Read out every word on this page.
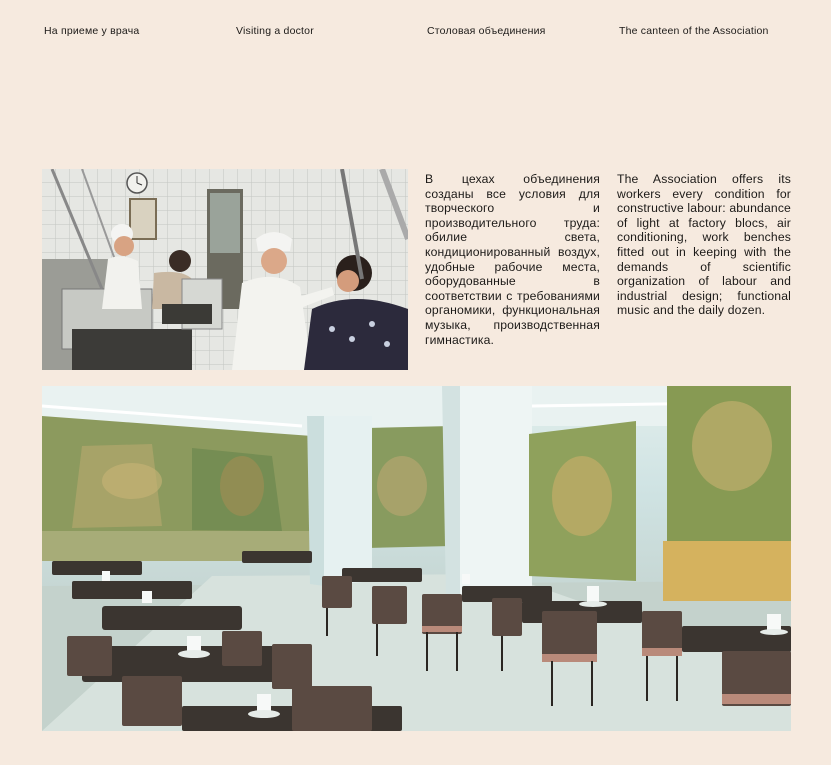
На приеме у врача	Visiting a doctor	Столовая объединения	The canteen of the Association
В цехах объединения созданы все условия для творческого и производительного труда: обилие света, кондиционированный воздух, удобные рабочие места, оборудованные в соответствии с требованиями органомики, функциональная музыка, производственная гимнастика.
The Association offers its workers every condition for constructive labour: abundance of light at factory blocs, air conditioning, work benches fitted out in keeping with the demands of scientific organization of labour and industrial design; functional music and the daily dozen.
